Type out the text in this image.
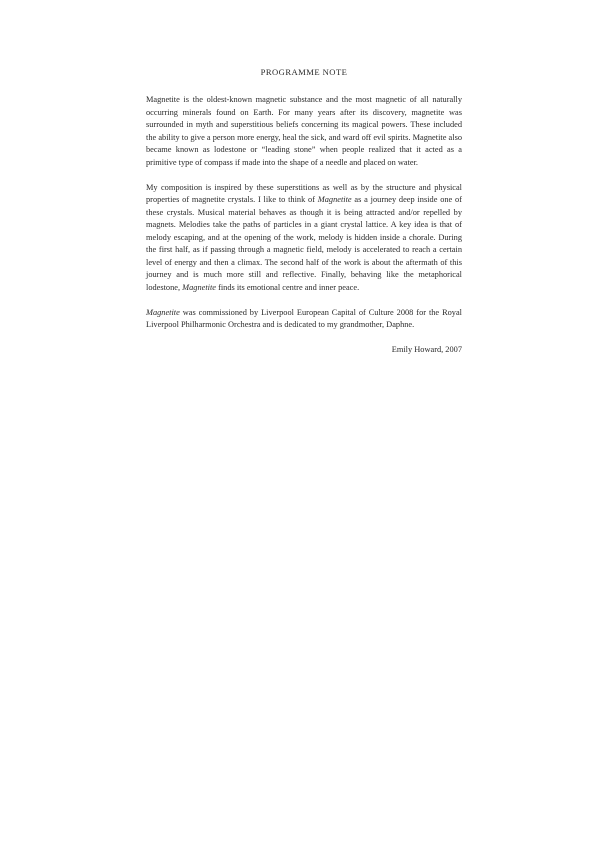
PROGRAMME NOTE

Magnetite is the oldest-known magnetic substance and the most magnetic of all naturally occurring minerals found on Earth. For many years after its discovery, magnetite was surrounded in myth and superstitious beliefs concerning its magical powers. These included the ability to give a person more energy, heal the sick, and ward off evil spirits. Magnetite also became known as lodestone or “leading stone” when people realized that it acted as a primitive type of compass if made into the shape of a needle and placed on water.

My composition is inspired by these superstitions as well as by the structure and physical properties of magnetite crystals. I like to think of Magnetite as a journey deep inside one of these crystals. Musical material behaves as though it is being attracted and/or repelled by magnets. Melodies take the paths of particles in a giant crystal lattice. A key idea is that of melody escaping, and at the opening of the work, melody is hidden inside a chorale. During the first half, as if passing through a magnetic field, melody is accelerated to reach a certain level of energy and then a climax. The second half of the work is about the aftermath of this journey and is much more still and reflective. Finally, behaving like the metaphorical lodestone, Magnetite finds its emotional centre and inner peace.

Magnetite was commissioned by Liverpool European Capital of Culture 2008 for the Royal Liverpool Philharmonic Orchestra and is dedicated to my grandmother, Daphne.

Emily Howard, 2007
